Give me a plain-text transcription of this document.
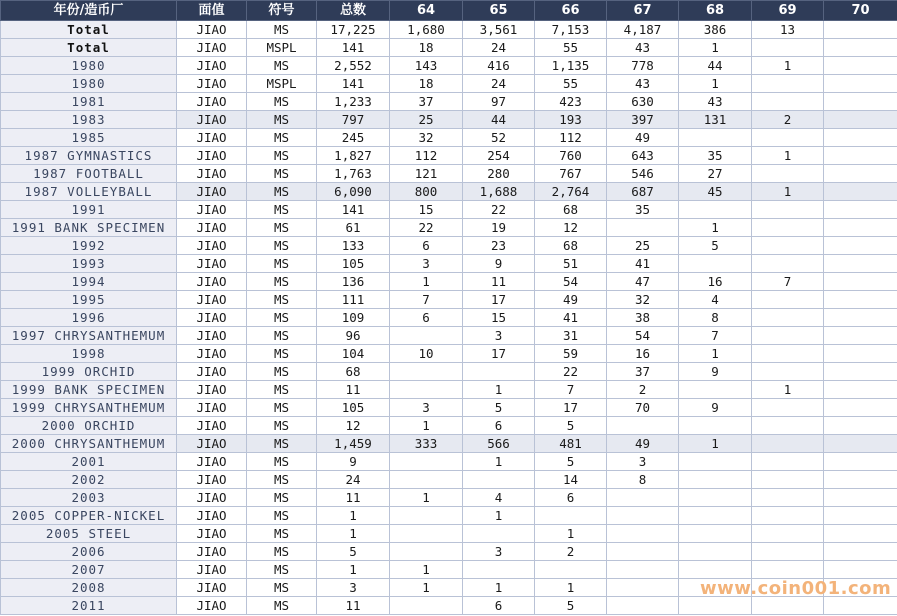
年份/造币厂	面值	符号	总数	64	65	66	67	68	69	70
Total	JIAO	MS	17,225	1,680	3,561	7,153	4,187	386	13	
Total	JIAO	MSPL	141	18	24	55	43	1		
1980	JIAO	MS	2,552	143	416	1,135	778	44	1	
1980	JIAO	MSPL	141	18	24	55	43	1		
1981	JIAO	MS	1,233	37	97	423	630	43		
1983	JIAO	MS	797	25	44	193	397	131	2	
1985	JIAO	MS	245	32	52	112	49			
1987 GYMNASTICS	JIAO	MS	1,827	112	254	760	643	35	1	
1987 FOOTBALL	JIAO	MS	1,763	121	280	767	546	27		
1987 VOLLEYBALL	JIAO	MS	6,090	800	1,688	2,764	687	45	1	
1991	JIAO	MS	141	15	22	68	35			
1991 BANK SPECIMEN	JIAO	MS	61	22	19	12		1		
1992	JIAO	MS	133	6	23	68	25	5		
1993	JIAO	MS	105	3	9	51	41			
1994	JIAO	MS	136	1	11	54	47	16	7	
1995	JIAO	MS	111	7	17	49	32	4		
1996	JIAO	MS	109	6	15	41	38	8		
1997 CHRYSANTHEMUM	JIAO	MS	96		3	31	54	7		
1998	JIAO	MS	104	10	17	59	16	1		
1999 ORCHID	JIAO	MS	68			22	37	9		
1999 BANK SPECIMEN	JIAO	MS	11		1	7	2		1	
1999 CHRYSANTHEMUM	JIAO	MS	105	3	5	17	70	9		
2000 ORCHID	JIAO	MS	12	1	6	5				
2000 CHRYSANTHEMUM	JIAO	MS	1,459	333	566	481	49	1		
2001	JIAO	MS	9		1	5	3			
2002	JIAO	MS	24			14	8			
2003	JIAO	MS	11	1	4	6				
2005 COPPER-NICKEL	JIAO	MS	1		1					
2005 STEEL	JIAO	MS	1			1				
2006	JIAO	MS	5		3	2				
2007	JIAO	MS	1	1						
2008	JIAO	MS	3	1	1	1				
2011	JIAO	MS	11		6	5				
www.coin001.com
